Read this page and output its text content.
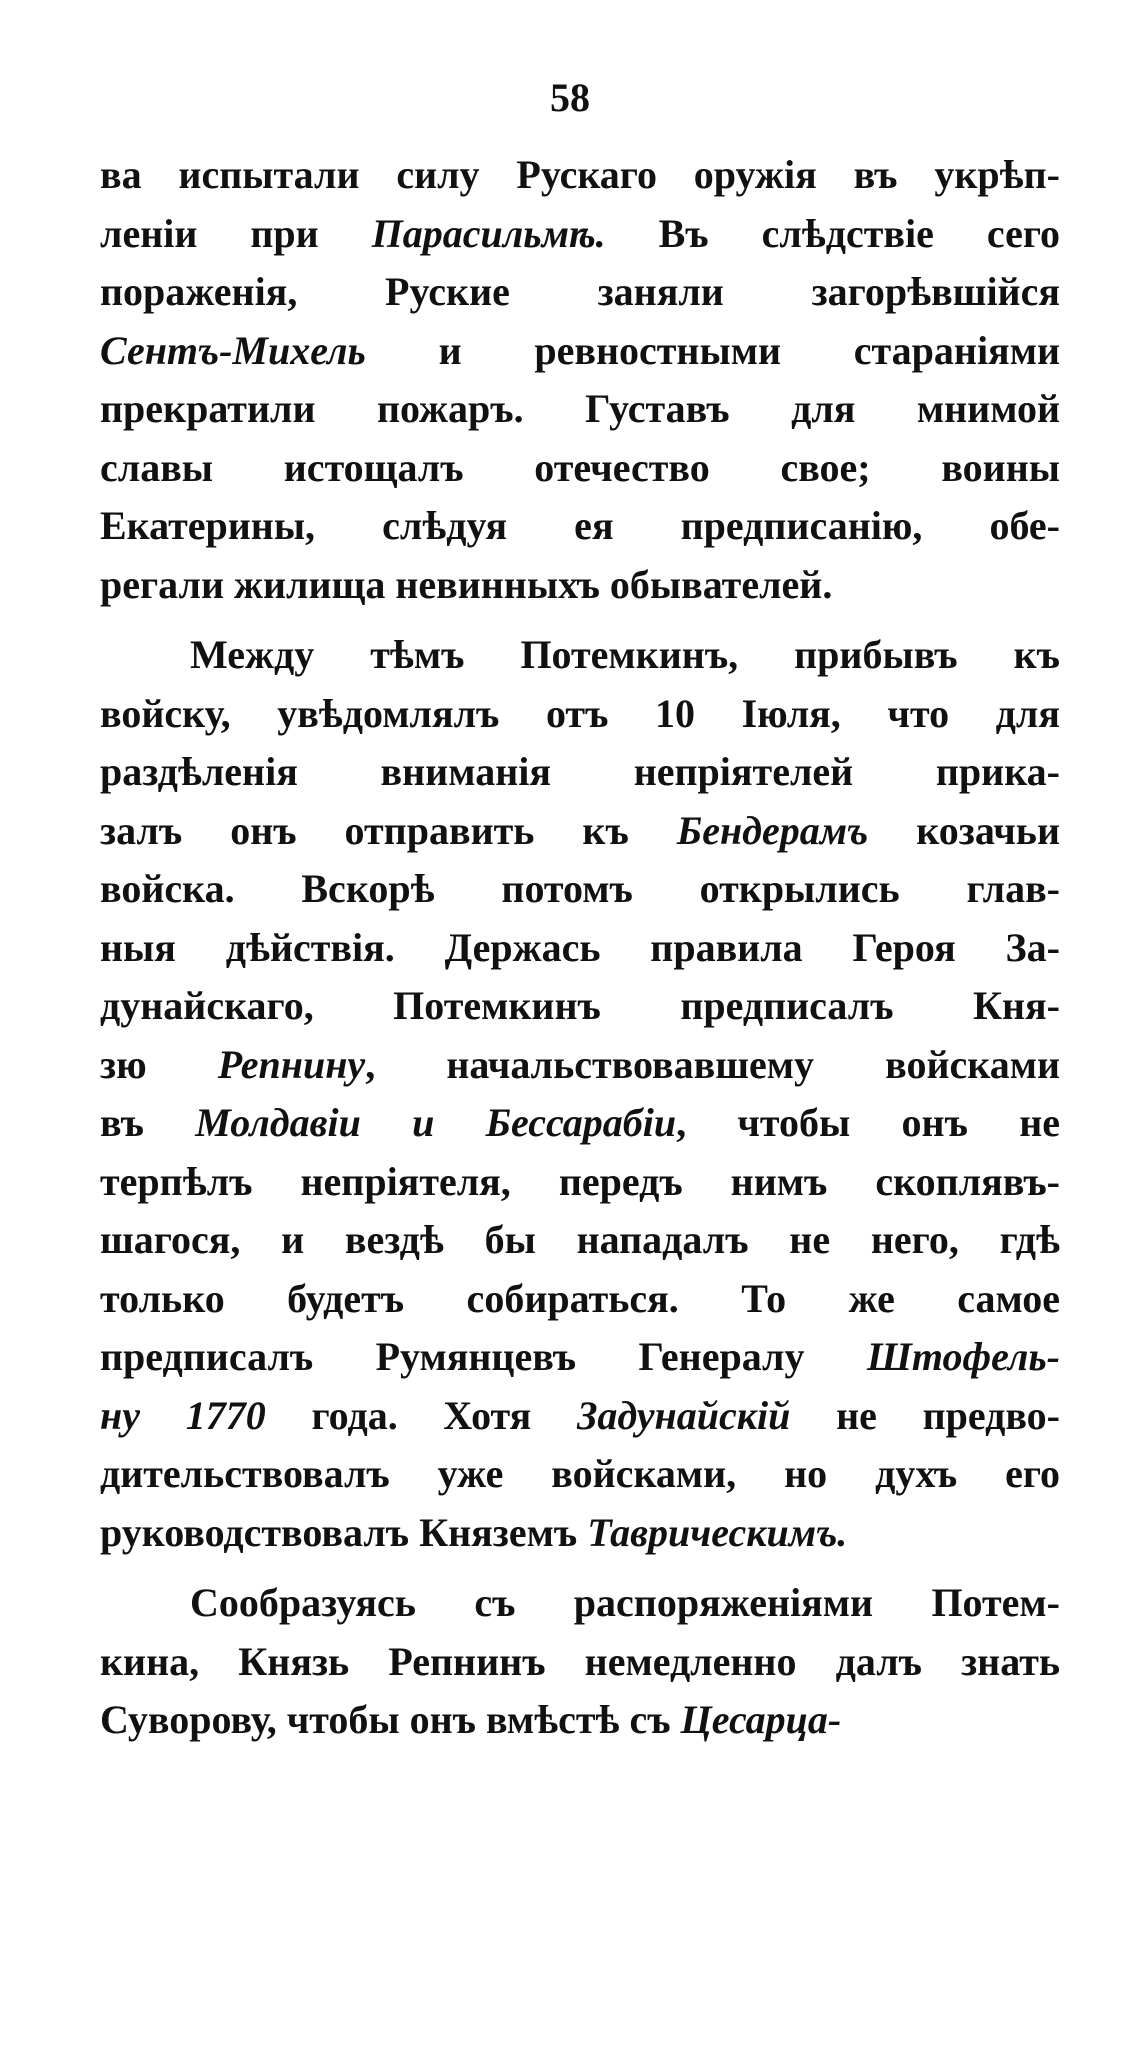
58
ва испытали силу Рускаго оружія въ укрѣп-
леніи при Парасильмѣ. Въ слѣдствіе сего
пораженія, Руские заняли загорѣвшійся
Сентъ-Михель и ревностными стараніями
прекратили пожаръ. Густавъ для мнимой
славы истощалъ отечество свое; воины
Екатерины, слѣдуя ея предписанію, обе-
регали жилища невинныхъ обывателей.
Между тѣмъ Потемкинъ, прибывъ къ
войску, увѣдомлялъ отъ 10 Іюля, что для
раздѣленія вниманія непріятелей прика-
залъ онъ отправить къ Бендерамъ козачьи
войска. Вскорѣ потомъ открылись глав-
ныя дѣйствія. Держась правила Героя За-
дунайскаго, Потемкинъ предписалъ Кня-
зю Репнину, начальствовавшему войсками
въ Молдавіи и Бессарабіи, чтобы онъ не
терпѣлъ непріятеля, передъ нимъ скоплявъ-
шагося, и вездѣ бы нападалъ не него, гдѣ
только будетъ собираться. То же самое
предписалъ Румянцевъ Генералу Штофель-
ну 1770 года. Хотя Задунайскій не предво-
дительствовалъ уже войсками, но духъ его
руководствовалъ Княземъ Таврическимъ.
Сообразуясь съ распоряженіями Потем-
кина, Князь Репнинъ немедленно далъ знать
Суворову, чтобы онъ вмѣстѣ съ Цесарца-
